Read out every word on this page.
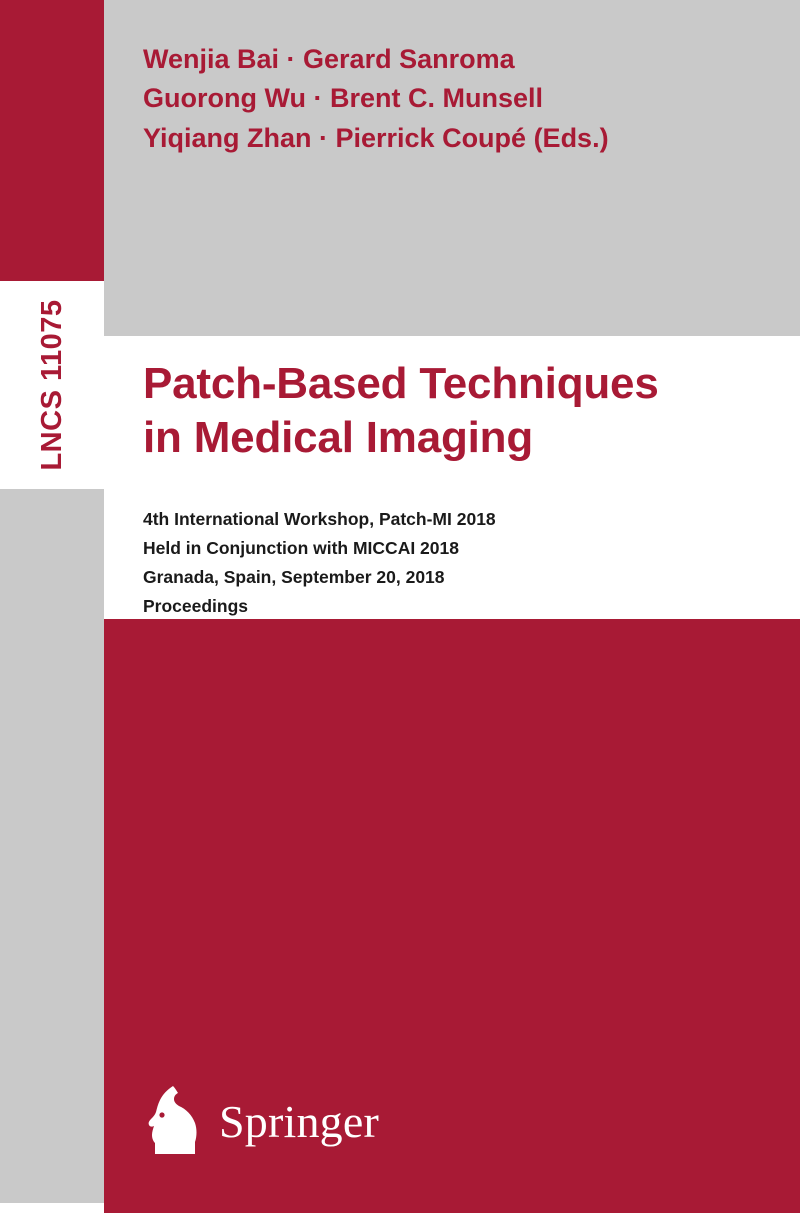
LNCS 11075
Wenjia Bai · Gerard Sanroma
Guorong Wu · Brent C. Munsell
Yiqiang Zhan · Pierrick Coupé (Eds.)
Patch-Based Techniques
in Medical Imaging
4th International Workshop, Patch-MI 2018
Held in Conjunction with MICCAI 2018
Granada, Spain, September 20, 2018
Proceedings
Springer
